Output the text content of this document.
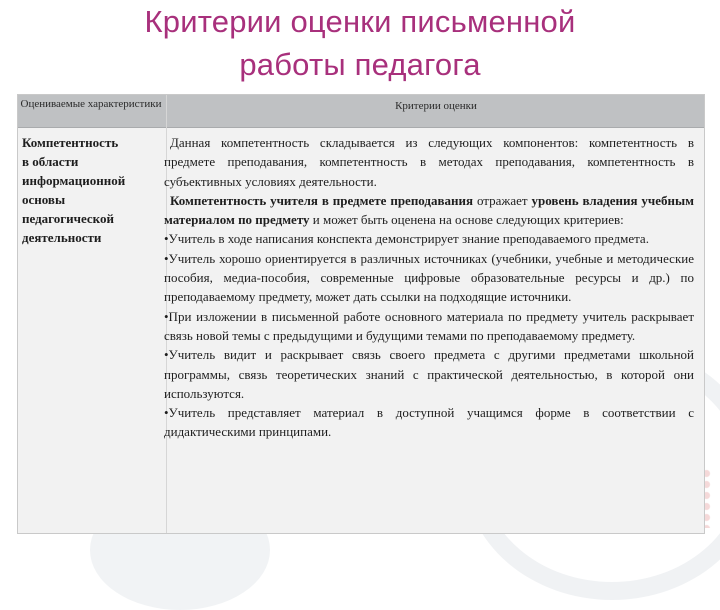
Критерии оценки письменной
работы педагога
Оцениваемые характеристики	Критерии оценки
Компетентность
в области
информационной
основы
педагогической
деятельности

Данная компетентность складывается из следующих компонентов: компетентность в предмете преподавания, компетентность в методах преподавания, компетентность в субъективных условиях деятельности.

Компетентность учителя в предмете преподавания отражает уровень владения учебным материалом по предмету и может быть оценена на основе следующих критериев:

•Учитель в ходе написания конспекта демонстрирует знание преподаваемого предмета.

•Учитель хорошо ориентируется в различных источниках (учебники, учебные и методические пособия, медиа-пособия, современные цифровые образовательные ресурсы и др.) по преподаваемому предмету, может дать ссылки на подходящие источники.

•При изложении в письменной работе основного материала по предмету учитель раскрывает связь новой темы с предыдущими и будущими темами по преподаваемому предмету.

•Учитель видит и раскрывает связь своего предмета с другими предметами школьной программы, связь теоретических знаний с практической деятельностью, в которой они используются.

•Учитель представляет материал в доступной учащимся форме в соответствии с дидактическими принципами.
